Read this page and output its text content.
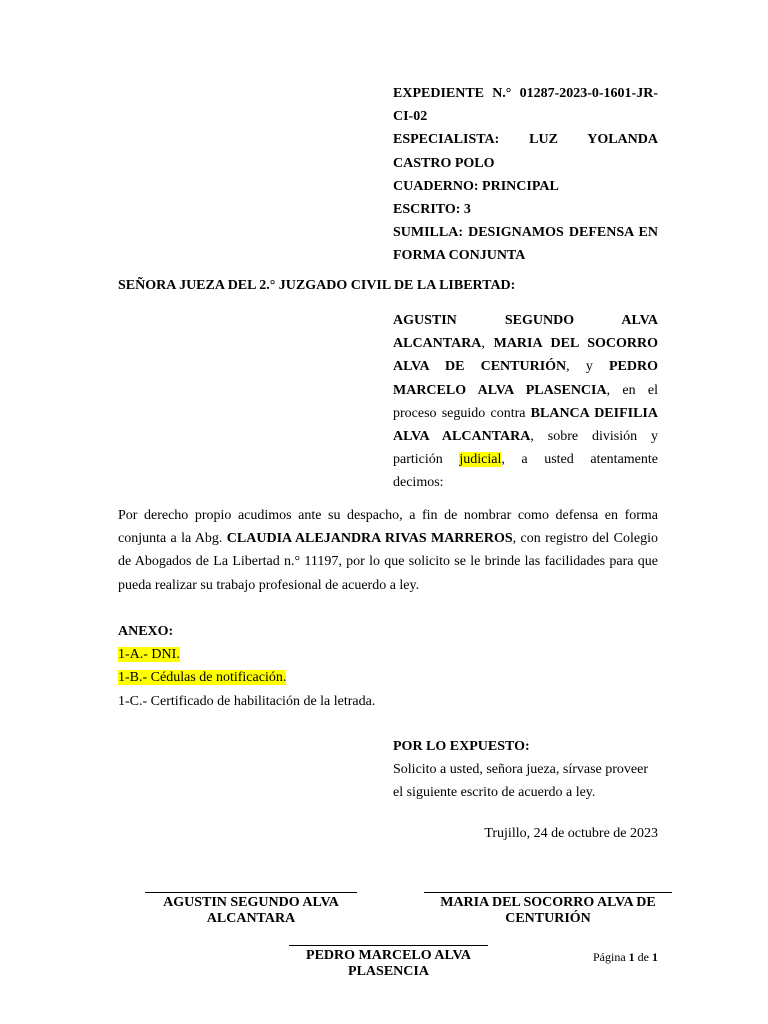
EXPEDIENTE N.° 01287-2023-0-1601-JR-CI-02
ESPECIALISTA: LUZ YOLANDA CASTRO POLO
CUADERNO: PRINCIPAL
ESCRITO: 3
SUMILLA: DESIGNAMOS DEFENSA EN FORMA CONJUNTA
SEÑORA JUEZA DEL 2.° JUZGADO CIVIL DE LA LIBERTAD:
AGUSTIN SEGUNDO ALVA ALCANTARA, MARIA DEL SOCORRO ALVA DE CENTURIÓN, y PEDRO MARCELO ALVA PLASENCIA, en el proceso seguido contra BLANCA DEIFILIA ALVA ALCANTARA, sobre división y partición judicial, a usted atentamente decimos:
Por derecho propio acudimos ante su despacho, a fin de nombrar como defensa en forma conjunta a la Abg. CLAUDIA ALEJANDRA RIVAS MARREROS, con registro del Colegio de Abogados de La Libertad n.° 11197, por lo que solicito se le brinde las facilidades para que pueda realizar su trabajo profesional de acuerdo a ley.
ANEXO:
1-A.- DNI.
1-B.- Cédulas de notificación.
1-C.- Certificado de habilitación de la letrada.
POR LO EXPUESTO:
Solicito a usted, señora jueza, sírvase proveer el siguiente escrito de acuerdo a ley.
Trujillo, 24 de octubre de 2023
AGUSTIN SEGUNDO ALVA ALCANTARA
MARIA DEL SOCORRO ALVA DE CENTURIÓN
PEDRO MARCELO ALVA PLASENCIA
Página 1 de 1
